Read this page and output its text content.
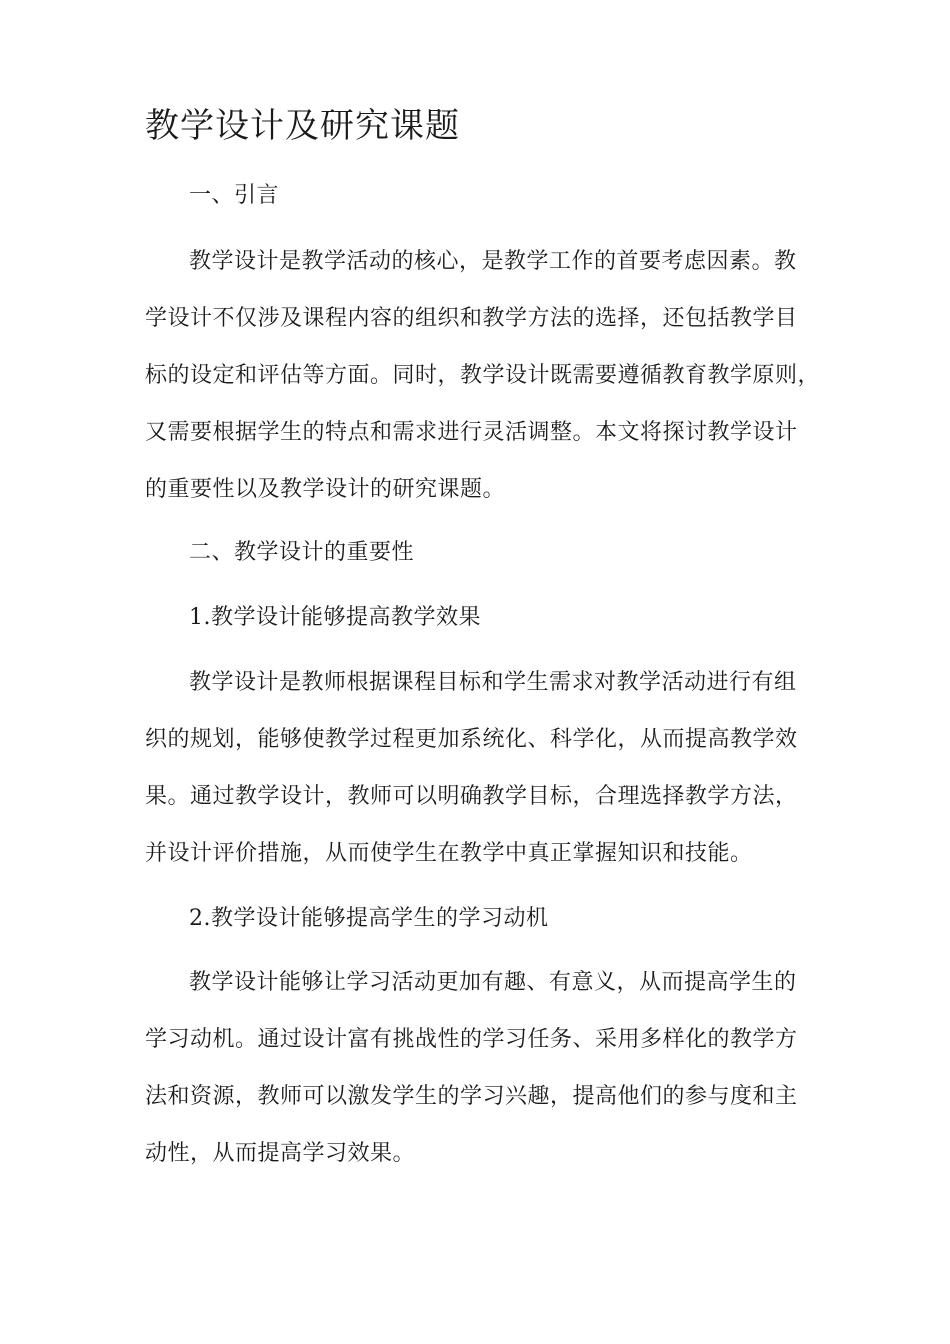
教学设计及研究课题
一、引言
教学设计是教学活动的核心，是教学工作的首要考虑因素。教
学设计不仅涉及课程内容的组织和教学方法的选择，还包括教学目
标的设定和评估等方面。同时，教学设计既需要遵循教育教学原则，
又需要根据学生的特点和需求进行灵活调整。本文将探讨教学设计
的重要性以及教学设计的研究课题。
二、教学设计的重要性
1.教学设计能够提高教学效果
教学设计是教师根据课程目标和学生需求对教学活动进行有组
织的规划，能够使教学过程更加系统化、科学化，从而提高教学效
果。通过教学设计，教师可以明确教学目标，合理选择教学方法，
并设计评价措施，从而使学生在教学中真正掌握知识和技能。
2.教学设计能够提高学生的学习动机
教学设计能够让学习活动更加有趣、有意义，从而提高学生的
学习动机。通过设计富有挑战性的学习任务、采用多样化的教学方
法和资源，教师可以激发学生的学习兴趣，提高他们的参与度和主
动性，从而提高学习效果。
